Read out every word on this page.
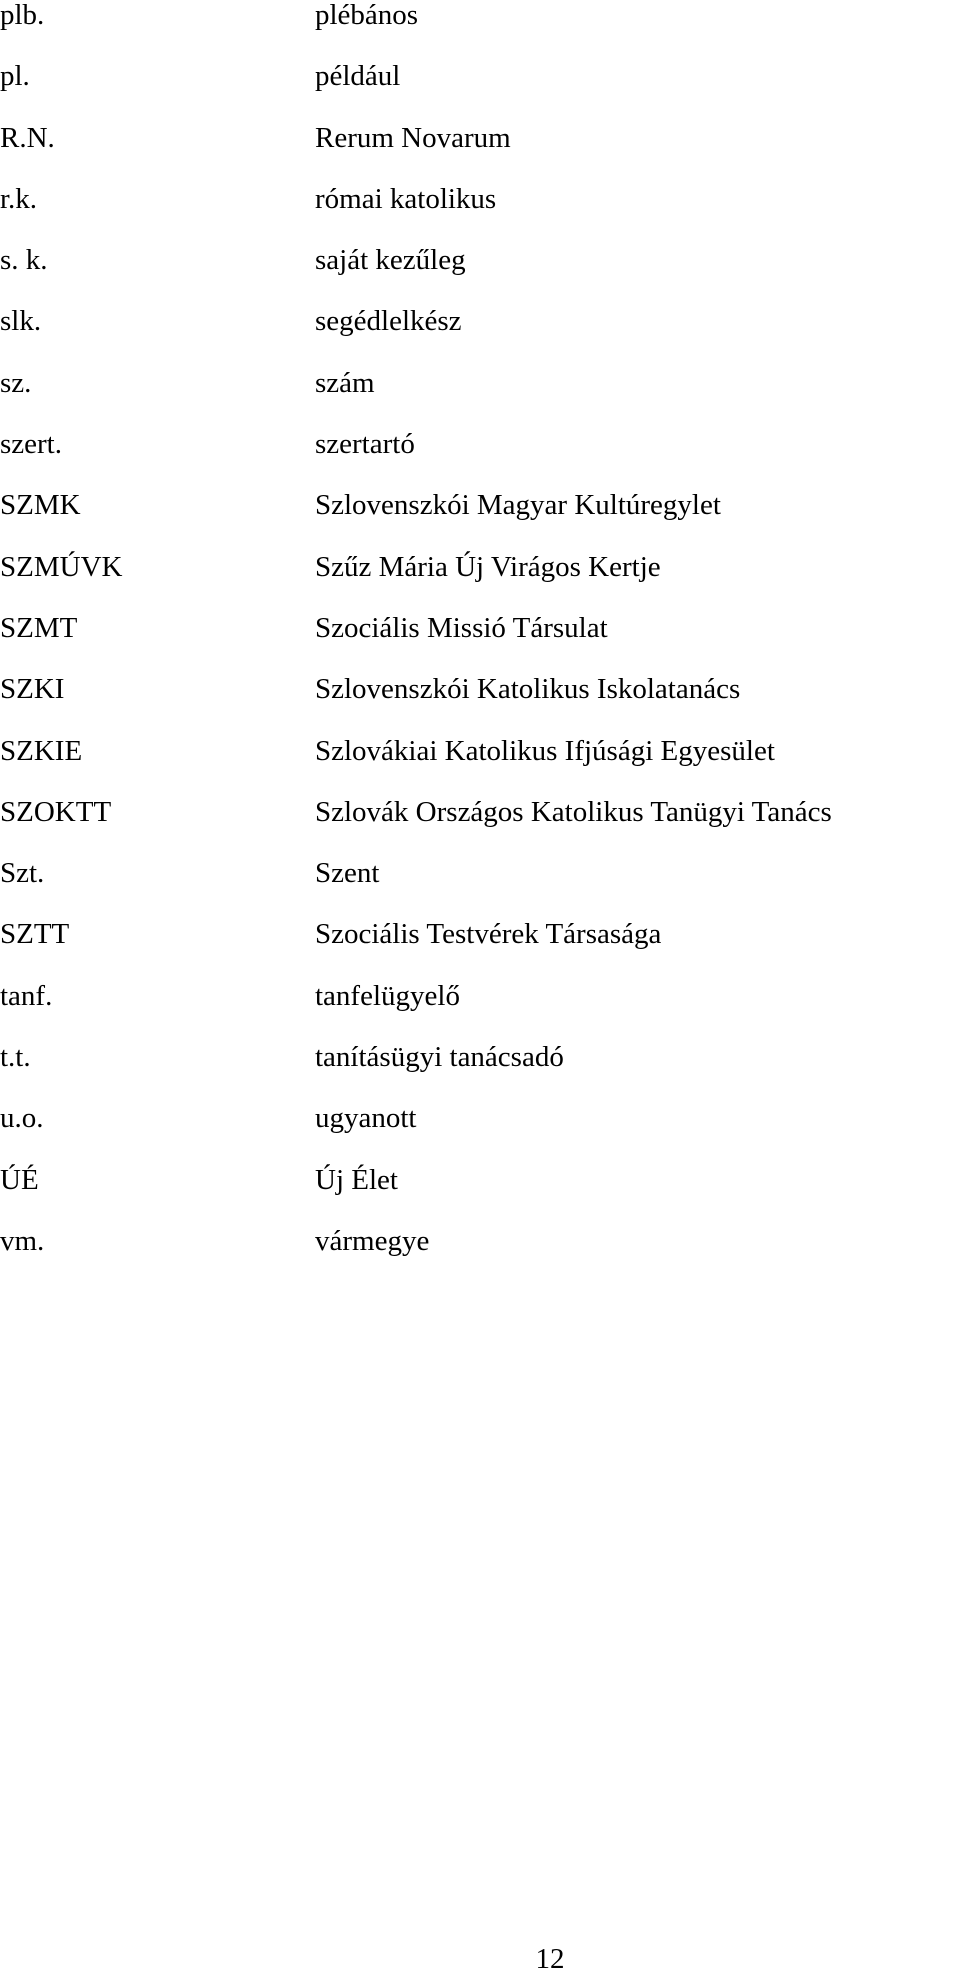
plb.	plébános
pl.	például
R.N.	Rerum Novarum
r.k.	római katolikus
s. k.	saját kezűleg
slk.	segédlelkész
sz.	szám
szert.	szertartó
SZMK	Szlovenszkói Magyar Kultúregylet
SZMÚVK	Szűz Mária Új Virágos Kertje
SZMT	Szociális Missió Társulat
SZKI	Szlovenszkói Katolikus Iskolatanács
SZKIE	Szlovákiai Katolikus Ifjúsági Egyesület
SZOKTT	Szlovák Országos Katolikus Tanügyi Tanács
Szt.	Szent
SZTT	Szociális Testvérek Társasága
tanf.	tanfelügyelő
t.t.	tanításügyi tanácsadó
u.o.	ugyanott
ÚÉ	Új Élet
vm.	vármegye
12
